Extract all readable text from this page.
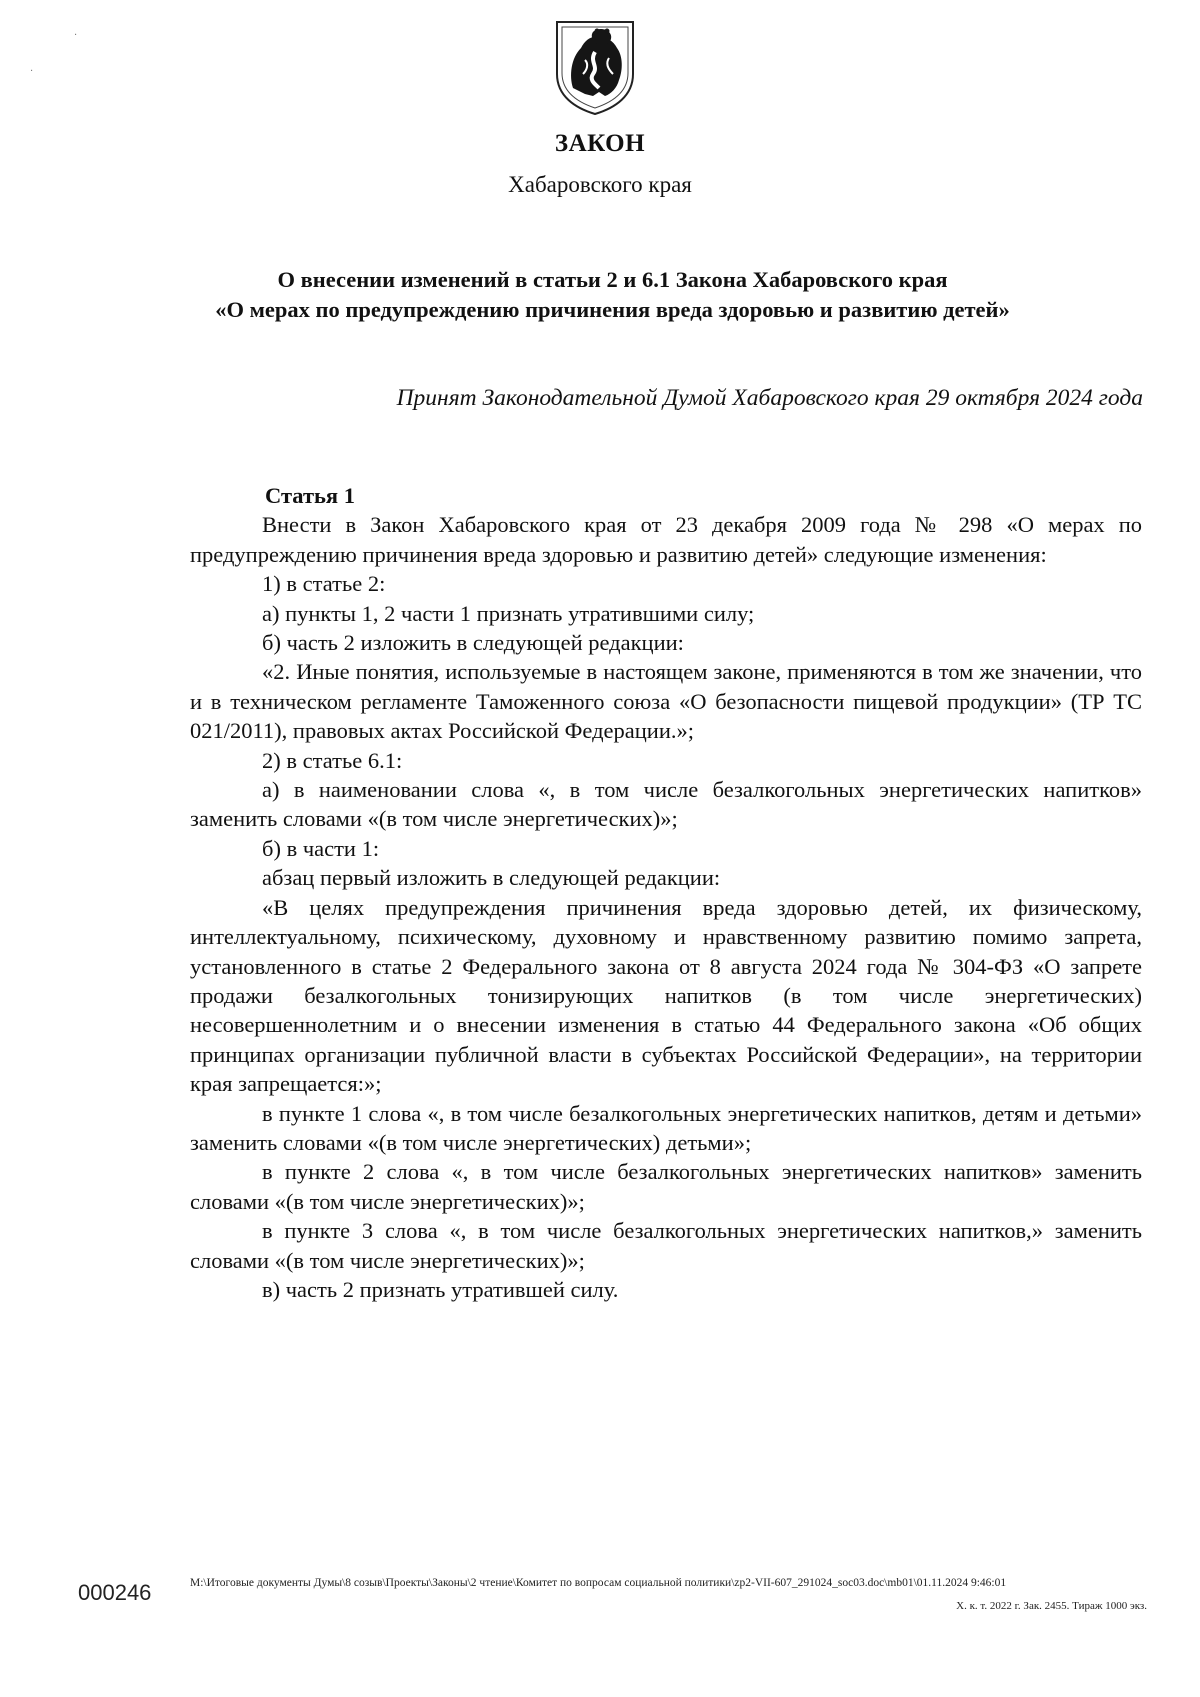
·
·
ЗАКОН
Хабаровского края
О внесении изменений в статьи 2 и 6.1 Закона Хабаровского края
«О мерах по предупреждению причинения вреда здоровью и развитию детей»
Принят Законодательной Думой Хабаровского края 29 октября 2024 года

Статья 1

Внести в Закон Хабаровского края от 23 декабря 2009 года № 298 «О мерах по предупреждению причинения вреда здоровью и развитию детей» следующие изменения:

1) в статье 2:

а) пункты 1, 2 части 1 признать утратившими силу;

б) часть 2 изложить в следующей редакции:

«2. Иные понятия, используемые в настоящем законе, применяются в том же значении, что и в техническом регламенте Таможенного союза «О безопасности пищевой продукции» (ТР ТС 021/2011), правовых актах Российской Федерации.»;

2) в статье 6.1:

а) в наименовании слова «, в том числе безалкогольных энергетических напитков» заменить словами «(в том числе энергетических)»;

б) в части 1:

абзац первый изложить в следующей редакции:

«В целях предупреждения причинения вреда здоровью детей, их физическому, интеллектуальному, психическому, духовному и нравственному развитию помимо запрета, установленного в статье 2 Федерального закона от 8 августа 2024 года № 304-ФЗ «О запрете продажи безалкогольных тонизирующих напитков (в том числе энергетических) несовершеннолетним и о внесении изменения в статью 44 Федерального закона «Об общих принципах организации публичной власти в субъектах Российской Федерации», на территории края запрещается:»;

в пункте 1 слова «, в том числе безалкогольных энергетических напитков, детям и детьми» заменить словами «(в том числе энергетических) детьми»;

в пункте 2 слова «, в том числе безалкогольных энергетических напитков» заменить словами «(в том числе энергетических)»;

в пункте 3 слова «, в том числе безалкогольных энергетических напитков,» заменить словами «(в том числе энергетических)»;

в) часть 2 признать утратившей силу.

000246	M:\Итоговые документы Думы\8 созыв\Проекты\Законы\2 чтение\Комитет по вопросам социальной политики\zp2-VII-607_291024_soc03.doc\mb01\01.11.2024 9:46:01
Х. к. т. 2022 г. Зак. 2455. Тираж 1000 экз.
